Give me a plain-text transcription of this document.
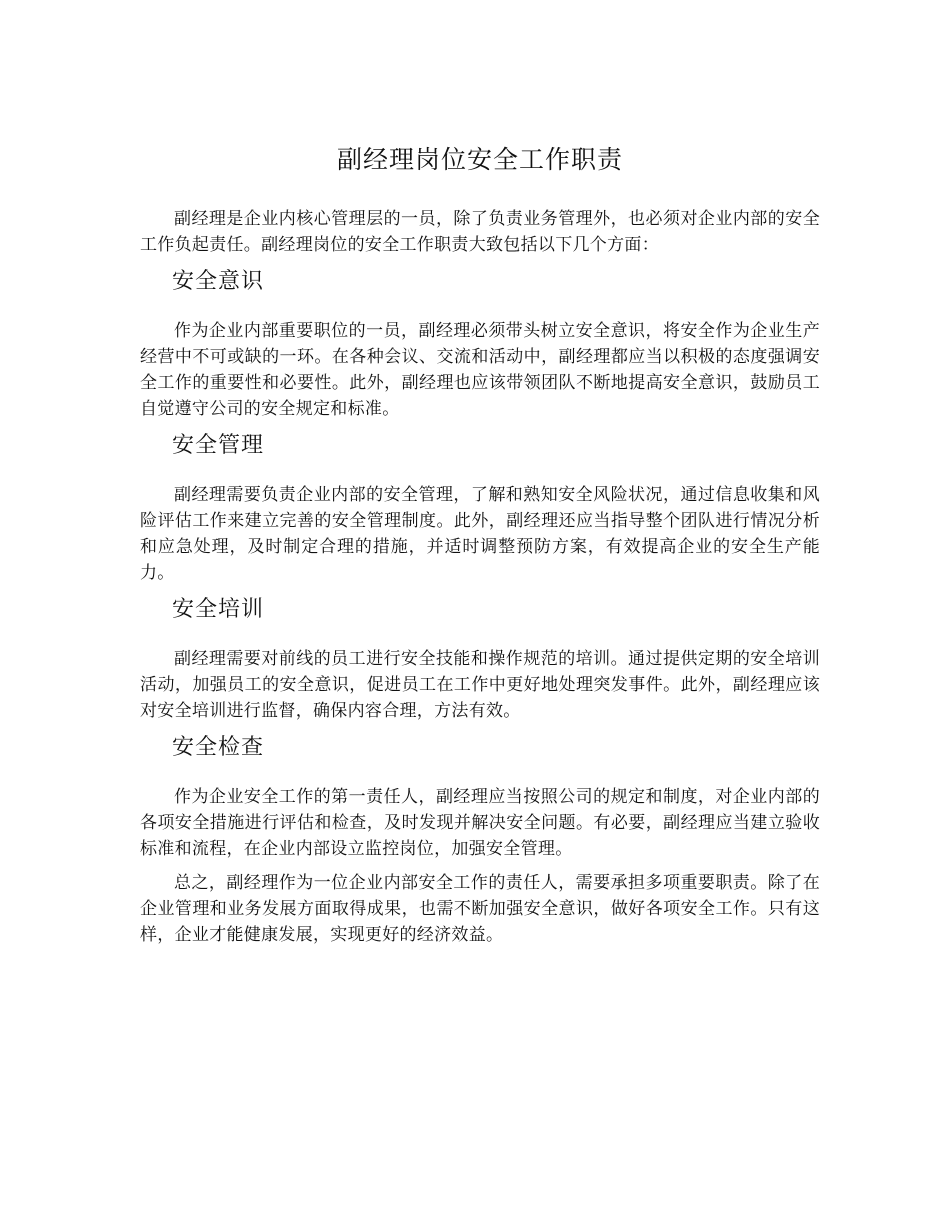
副经理岗位安全工作职责

副经理是企业内核心管理层的一员，除了负责业务管理外，也必须对企业内部的安全工作负起责任。副经理岗位的安全工作职责大致包括以下几个方面：

安全意识

作为企业内部重要职位的一员，副经理必须带头树立安全意识，将安全作为企业生产经营中不可或缺的一环。在各种会议、交流和活动中，副经理都应当以积极的态度强调安全工作的重要性和必要性。此外，副经理也应该带领团队不断地提高安全意识，鼓励员工自觉遵守公司的安全规定和标准。

安全管理

副经理需要负责企业内部的安全管理，了解和熟知安全风险状况，通过信息收集和风险评估工作来建立完善的安全管理制度。此外，副经理还应当指导整个团队进行情况分析和应急处理，及时制定合理的措施，并适时调整预防方案，有效提高企业的安全生产能力。

安全培训

副经理需要对前线的员工进行安全技能和操作规范的培训。通过提供定期的安全培训活动，加强员工的安全意识，促进员工在工作中更好地处理突发事件。此外，副经理应该对安全培训进行监督，确保内容合理，方法有效。

安全检查

作为企业安全工作的第一责任人，副经理应当按照公司的规定和制度，对企业内部的各项安全措施进行评估和检查，及时发现并解决安全问题。有必要，副经理应当建立验收标准和流程，在企业内部设立监控岗位，加强安全管理。

总之，副经理作为一位企业内部安全工作的责任人，需要承担多项重要职责。除了在企业管理和业务发展方面取得成果，也需不断加强安全意识，做好各项安全工作。只有这样，企业才能健康发展，实现更好的经济效益。
